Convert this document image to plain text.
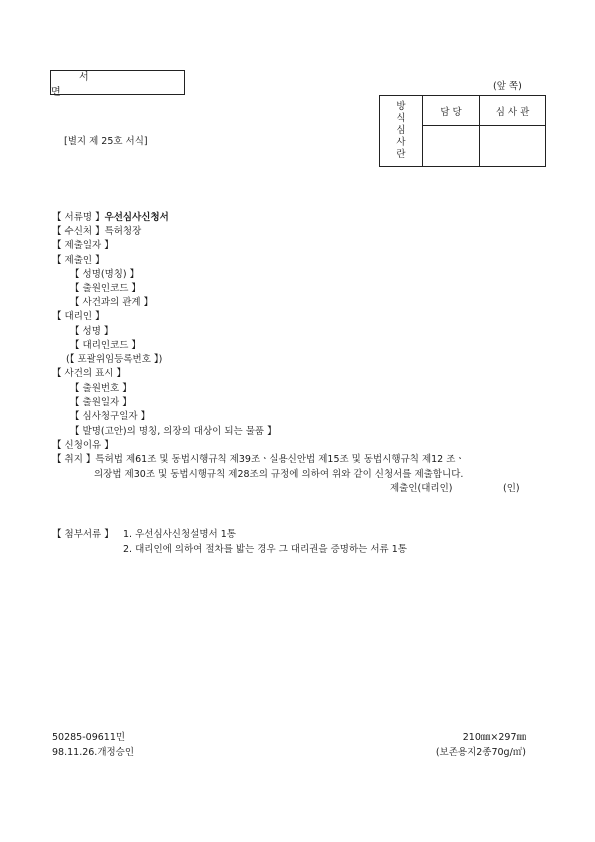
서 면	(앞 쪽)
[별지 제 25호 서식]
방
식
심
사
란	담 당	심 사 관

【 서류명 】우선심사신청서
【 수신처 】특허청장
【 제출일자 】
【 제출인 】
【 성명(명칭) 】
【 출원인코드 】
【 사건과의 관계 】
【 대리인 】
【 성명 】
【 대리인코드 】
(【 포괄위임등록번호 】)
【 사건의 표시 】
【 출원번호 】
【 출원일자 】
【 심사청구일자 】
【 발명(고안)의 명칭, 의장의 대상이 되는 물품 】
【 신청이유 】
【 취지 】특허법 제61조 및 동법시행규칙 제39조ㆍ실용신안법 제15조 및 동법시행규칙 제12 조ㆍ
의장법 제30조 및 동법시행규칙 제28조의 규정에 의하여 위와 같이 신청서를 제출합니다.
제출인(대리인)	(인)
【 첨부서류 】 1. 우선심사신청설명서 1통
2. 대리인에 의하여 절차를 밟는 경우 그 대리권을 증명하는 서류 1통
50285-09611민
98.11.26.개정승인
210㎜×297㎜
(보존용지2종70g/㎡)
